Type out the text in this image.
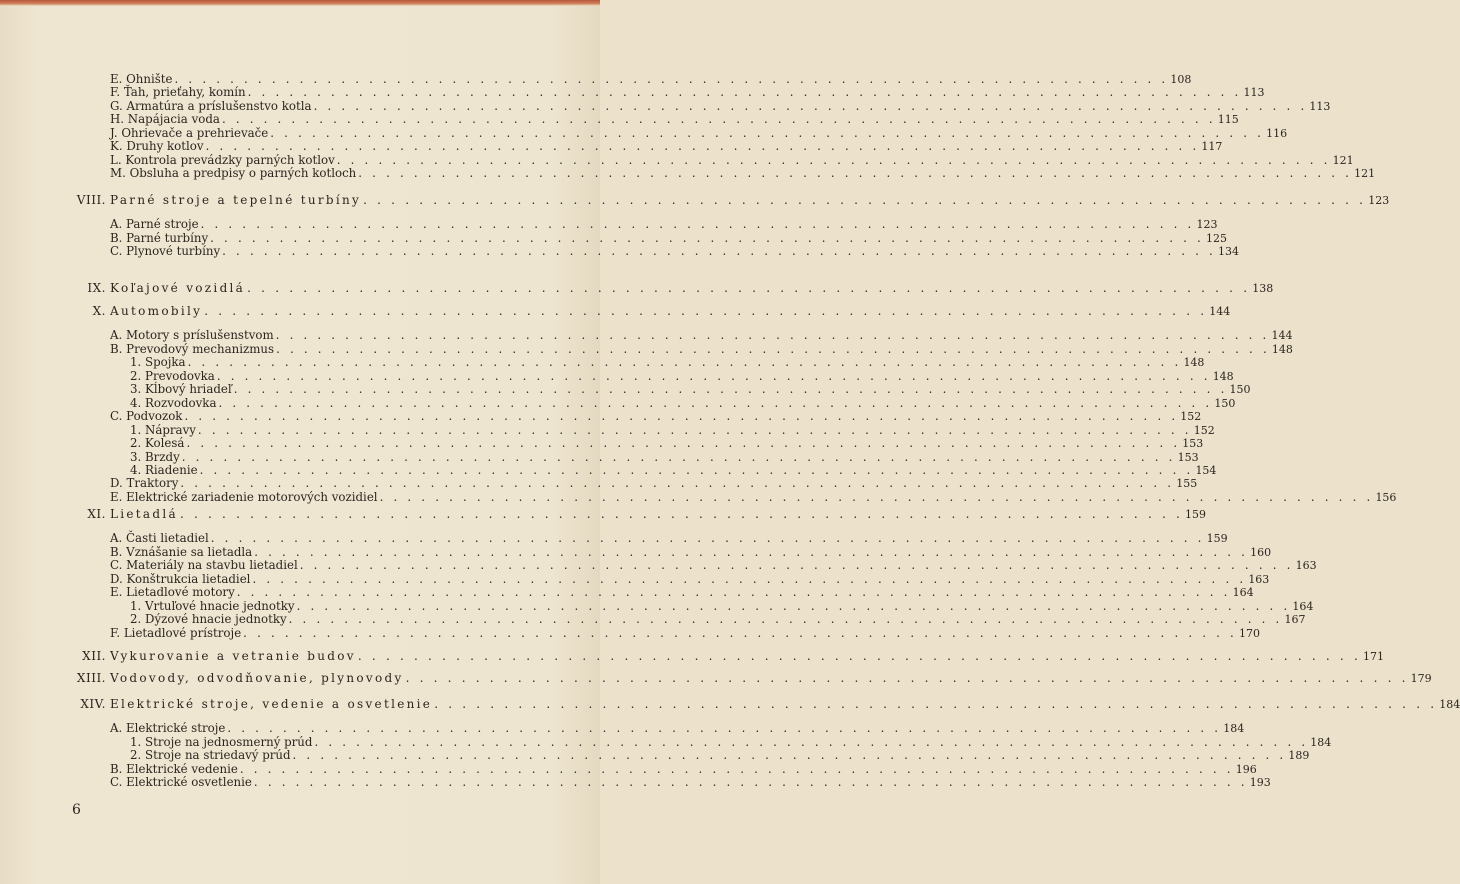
E. Ohnište . . .	108
F. Ťah, prieťahy, komín . . .	113
G. Armatúra a príslušenstvo kotla . . .	113
H. Napájacia voda . . .	115
J. Ohrievače a prehrievače . . .	116
K. Druhy kotlov . . .	117
L. Kontrola prevádzky parných kotlov . . .	121
M. Obsluha a predpisy o parných kotloch . . .	121
VIII. Parné stroje a tepelné turbíny . . .	123
A. Parné stroje . . .	123
B. Parné turbíny . . .	125
C. Plynové turbíny . . .	134
IX. Koľajové vozidlá . . .	138
X. Automobily . . .	144
A. Motory s príslušenstvom . . .	144
B. Prevodový mechanizmus . . .	148
1. Spojka . . .	148
2. Prevodovka . . .	148
3. Kĺbový hriadeľ . . .	150
4. Rozvodovka . . .	150
C. Podvozok . . .	152
1. Nápravy . . .	152
2. Kolesá . . .	153
3. Brzdy . . .	153
4. Riadenie . . .	154
D. Traktory . . .	155
E. Elektrické zariadenie motorových vozidiel . . .	156
XI. Lietadlá . . .	159
A. Časti lietadiel . . .	159
B. Vznášanie sa lietadla . . .	160
C. Materiály na stavbu lietadiel . . .	163
D. Konštrukcia lietadiel . . .	163
E. Lietadlové motory . . .	164
1. Vrtuľové hnacie jednotky . . .	164
2. Dýzové hnacie jednotky . . .	167
F. Lietadlové prístroje . . .	170
XII. Vykurovanie a vetranie budov . . .	171
XIII. Vodovody, odvodňovanie, plynovody . . .	179
XIV. Elektrické stroje, vedenie a osvetlenie . . .	184
A. Elektrické stroje . . .	184
1. Stroje na jednosmerný prúd . . .	184
2. Stroje na striedavý prúd . . .	189
B. Elektrické vedenie . . .	196
C. Elektrické osvetlenie . . .	193
6
